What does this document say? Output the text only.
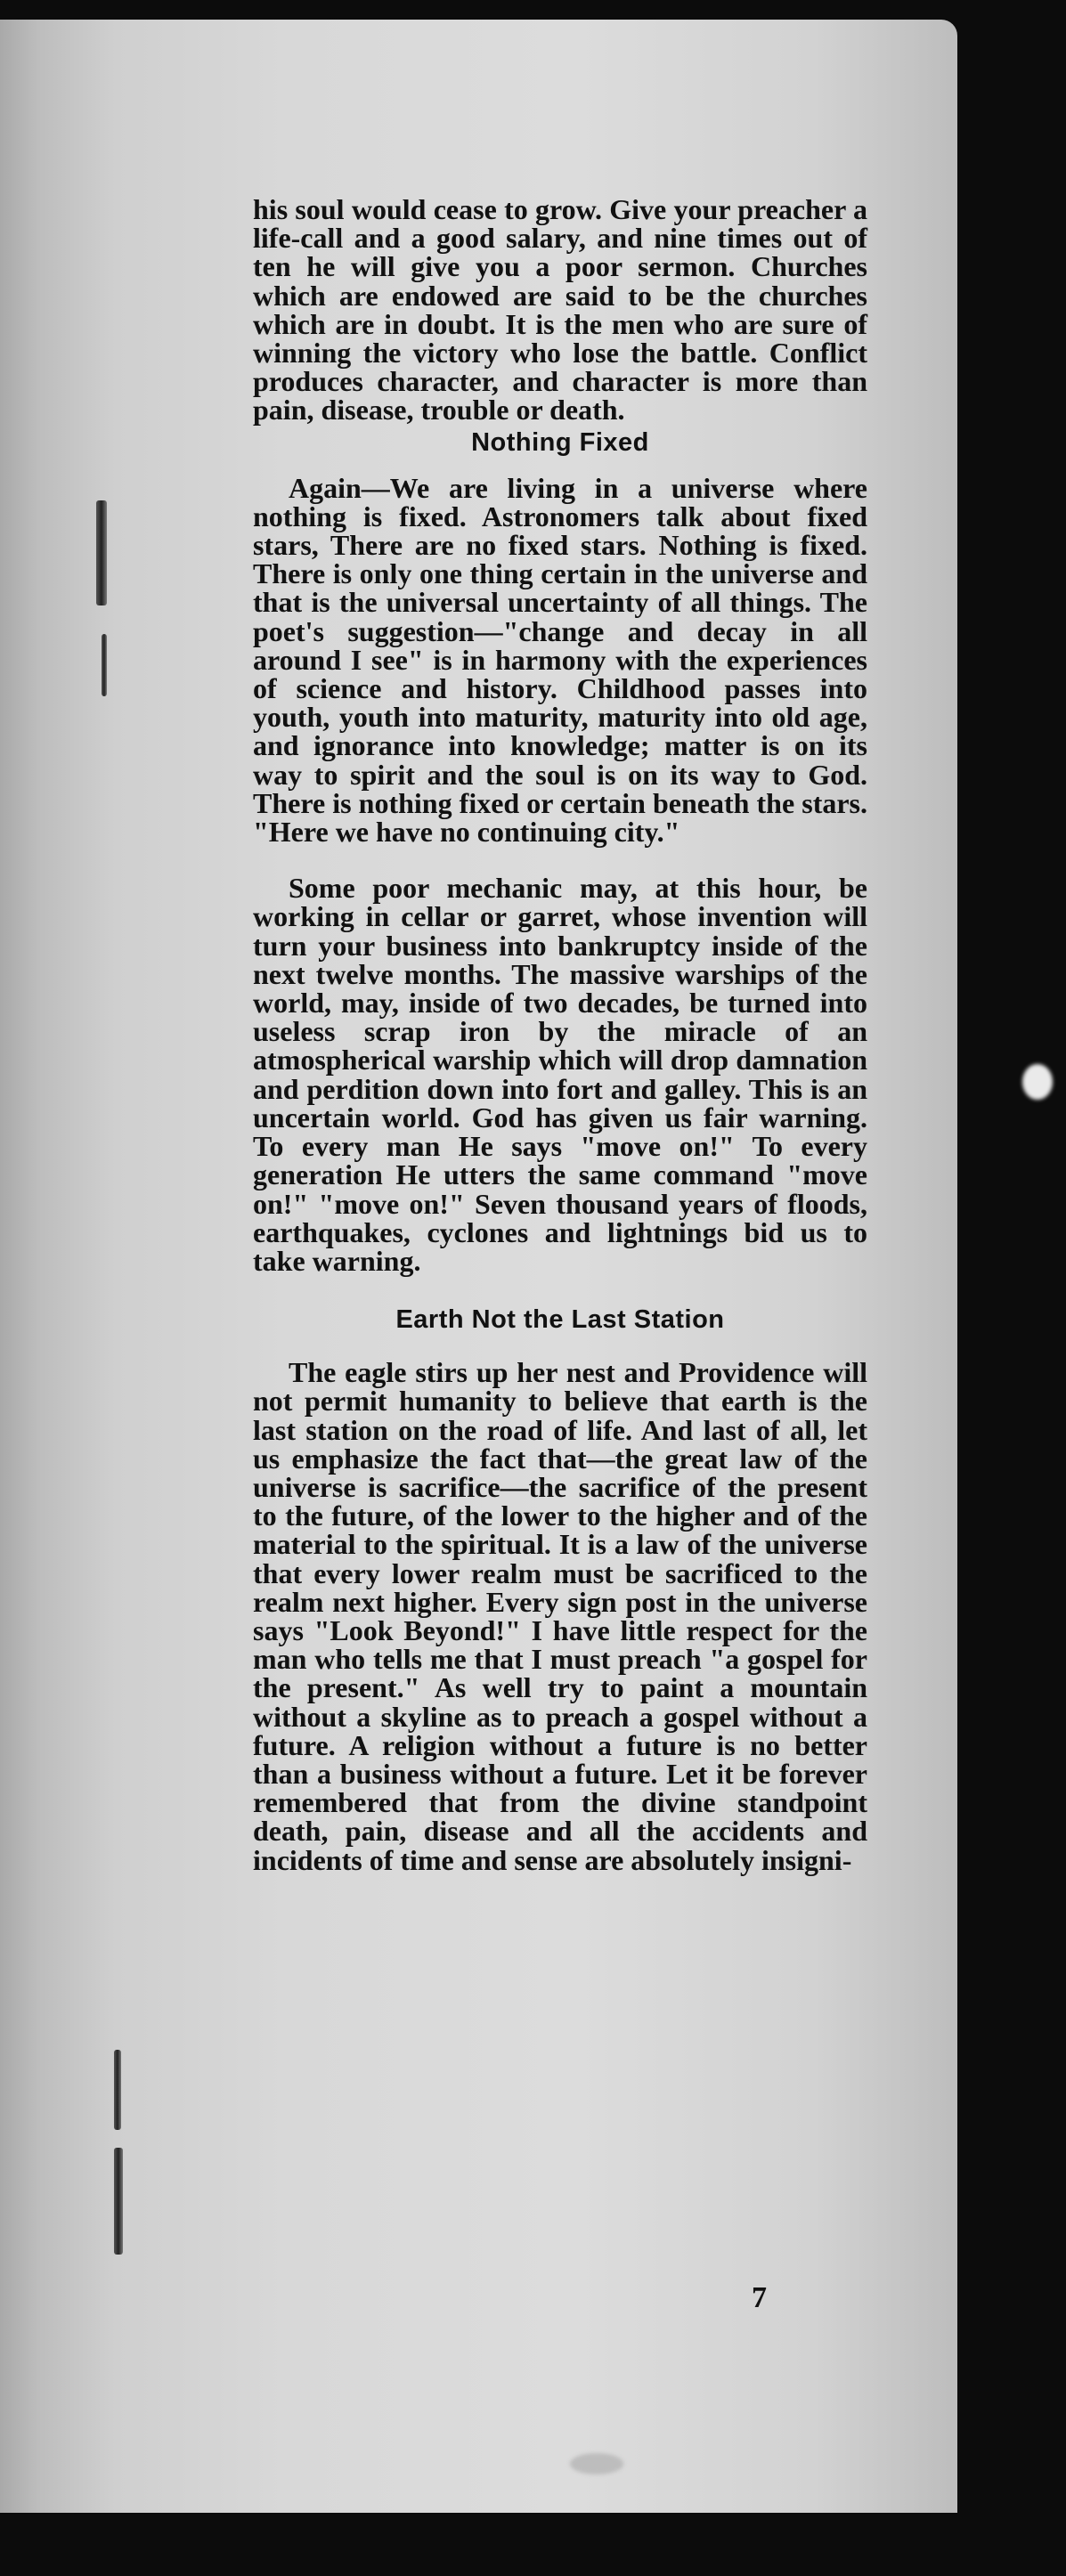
his soul would cease to grow. Give your preacher a life-call and a good salary, and nine times out of ten he will give you a poor sermon. Churches which are endowed are said to be the churches which are in doubt. It is the men who are sure of winning the victory who lose the battle. Conflict produces character, and character is more than pain, disease, trouble or death.

Nothing Fixed

Again—We are living in a universe where nothing is fixed. Astronomers talk about fixed stars, There are no fixed stars. Nothing is fixed. There is only one thing certain in the universe and that is the universal uncertainty of all things. The poet's suggestion—"change and decay in all around I see" is in harmony with the experiences of science and history. Childhood passes into youth, youth into maturity, maturity into old age, and ignorance into knowledge; matter is on its way to spirit and the soul is on its way to God. There is nothing fixed or certain beneath the stars. "Here we have no continuing city."

Some poor mechanic may, at this hour, be working in cellar or garret, whose invention will turn your business into bankruptcy inside of the next twelve months. The massive warships of the world, may, inside of two decades, be turned into useless scrap iron by the miracle of an atmospherical warship which will drop damnation and perdition down into fort and galley. This is an uncertain world. God has given us fair warning. To every man He says "move on!" To every generation He utters the same command "move on!" "move on!" Seven thousand years of floods, earthquakes, cyclones and lightnings bid us to take warning.

Earth Not the Last Station

The eagle stirs up her nest and Providence will not permit humanity to believe that earth is the last station on the road of life. And last of all, let us emphasize the fact that—the great law of the universe is sacrifice—the sacrifice of the present to the future, of the lower to the higher and of the material to the spiritual. It is a law of the universe that every lower realm must be sacrificed to the realm next higher. Every sign post in the universe says "Look Beyond!" I have little respect for the man who tells me that I must preach "a gospel for the present." As well try to paint a mountain without a skyline as to preach a gospel without a future. A religion without a future is no better than a business without a future. Let it be forever remembered that from the divine standpoint death, pain, disease and all the accidents and incidents of time and sense are absolutely insigni-

7
